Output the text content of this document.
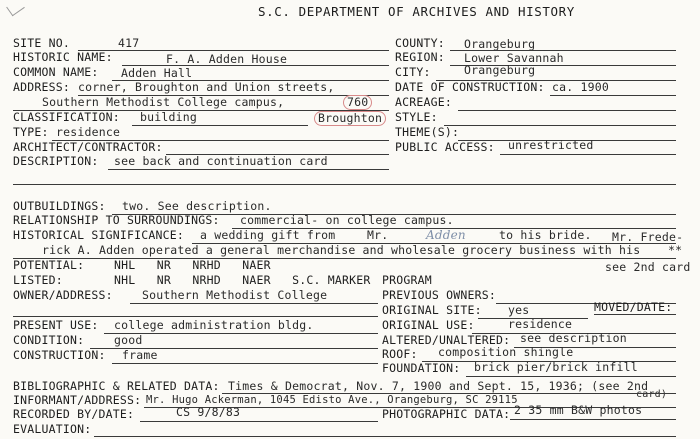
S.C. DEPARTMENT OF ARCHIVES AND HISTORY
SITE NO.	417
HISTORIC NAME:	F. A. Adden House
COMMON NAME: Adden Hall
ADDRESS: corner, Broughton and Union streets,
Southern Methodist College campus,	760
CLASSIFICATION: building	Broughton
TYPE: residence
ARCHITECT/CONTRACTOR:
DESCRIPTION: see back and continuation card
COUNTY: Orangeburg
REGION: Lower Savannah
CITY:	Orangeburg
DATE OF CONSTRUCTION: ca. 1900
ACREAGE:
STYLE:
THEME(S):
PUBLIC ACCESS: unrestricted
OUTBUILDINGS: two. See description.
RELATIONSHIP TO SURROUNDINGS: commercial- on college campus.
HISTORICAL SIGNIFICANCE: a wedding gift from	Mr.	Adden	to his bride. Mr. Frede-
rick A. Adden operated a general merchandise and wholesale grocery business with his **
see 2nd card
POTENTIAL:	NHL   NR   NRHD   NAER
LISTED:	NHL   NR   NRHD   NAER   S.C. MARKER
OWNER/ADDRESS:	Southern Methodist College
PRESENT USE: college administration bldg.
CONDITION:	good
CONSTRUCTION: frame
PROGRAM
PREVIOUS OWNERS:
ORIGINAL SITE: yes	MOVED/DATE:
ORIGINAL USE:	residence
ALTERED/UNALTERED: see description
ROOF: composition shingle
FOUNDATION: brick pier/brick infill
BIBLIOGRAPHIC & RELATED DATA: Times & Democrat, Nov. 7, 1900 and Sept. 15, 1936; (see 2nd
card)
INFORMANT/ADDRESS: Mr. Hugo Ackerman, 1045 Edisto Ave., Orangeburg, SC 29115
RECORDED BY/DATE:	CS 9/8/83	PHOTOGRAPHIC DATA: 2 35 mm B&W photos
EVALUATION:
